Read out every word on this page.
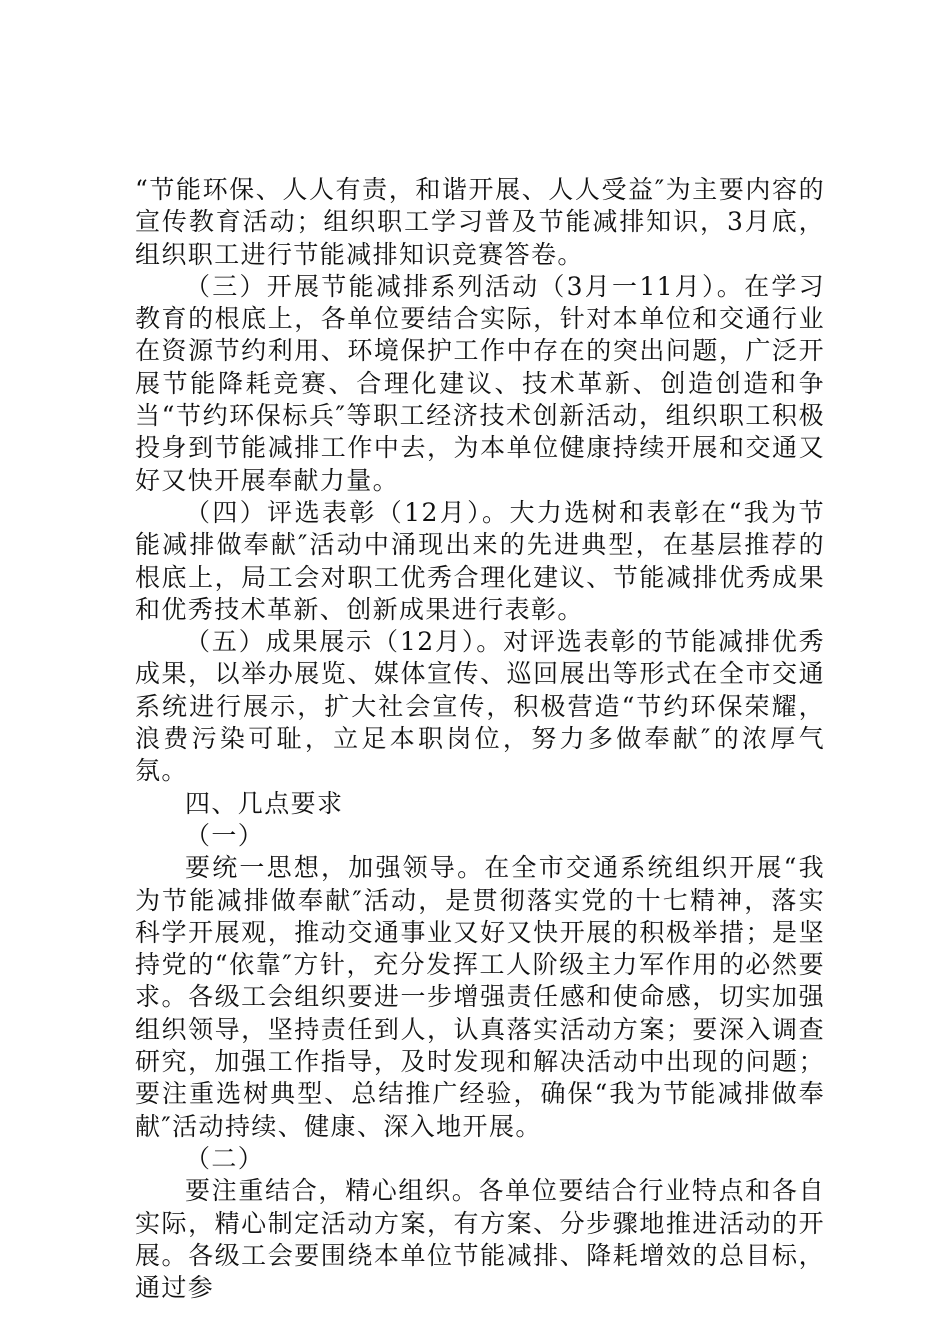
“节能环保、人人有责，和谐开展、人人受益″为主要内容的宣传教育活动；组织职工学习普及节能减排知识，3月底，组织职工进行节能减排知识竞赛答卷。

（三）开展节能减排系列活动（3月一11月）。在学习教育的根底上，各单位要结合实际，针对本单位和交通行业在资源节约利用、环境保护工作中存在的突出问题，广泛开展节能降耗竞赛、合理化建议、技术革新、创造创造和争当“节约环保标兵″等职工经济技术创新活动，组织职工积极投身到节能减排工作中去，为本单位健康持续开展和交通又好又快开展奉献力量。

（四）评选表彰（12月）。大力选树和表彰在“我为节能减排做奉献″活动中涌现出来的先进典型，在基层推荐的根底上，局工会对职工优秀合理化建议、节能减排优秀成果和优秀技术革新、创新成果进行表彰。

（五）成果展示（12月）。对评选表彰的节能减排优秀成果，以举办展览、媒体宣传、巡回展出等形式在全市交通系统进行展示，扩大社会宣传，积极营造“节约环保荣耀，浪费污染可耻，立足本职岗位，努力多做奉献″的浓厚气氛。

四、几点要求

（一）

要统一思想，加强领导。在全市交通系统组织开展“我为节能减排做奉献″活动，是贯彻落实党的十七精神，落实科学开展观，推动交通事业又好又快开展的积极举措；是坚持党的“依靠″方针，充分发挥工人阶级主力军作用的必然要求。各级工会组织要进一步增强责任感和使命感，切实加强组织领导，坚持责任到人，认真落实活动方案；要深入调查研究，加强工作指导，及时发现和解决活动中出现的问题；要注重选树典型、总结推广经验，确保“我为节能减排做奉献″活动持续、健康、深入地开展。

（二）

要注重结合，精心组织。各单位要结合行业特点和各自实际，精心制定活动方案，有方案、分步骤地推进活动的开展。各级工会要围绕本单位节能减排、降耗增效的总目标，通过参
